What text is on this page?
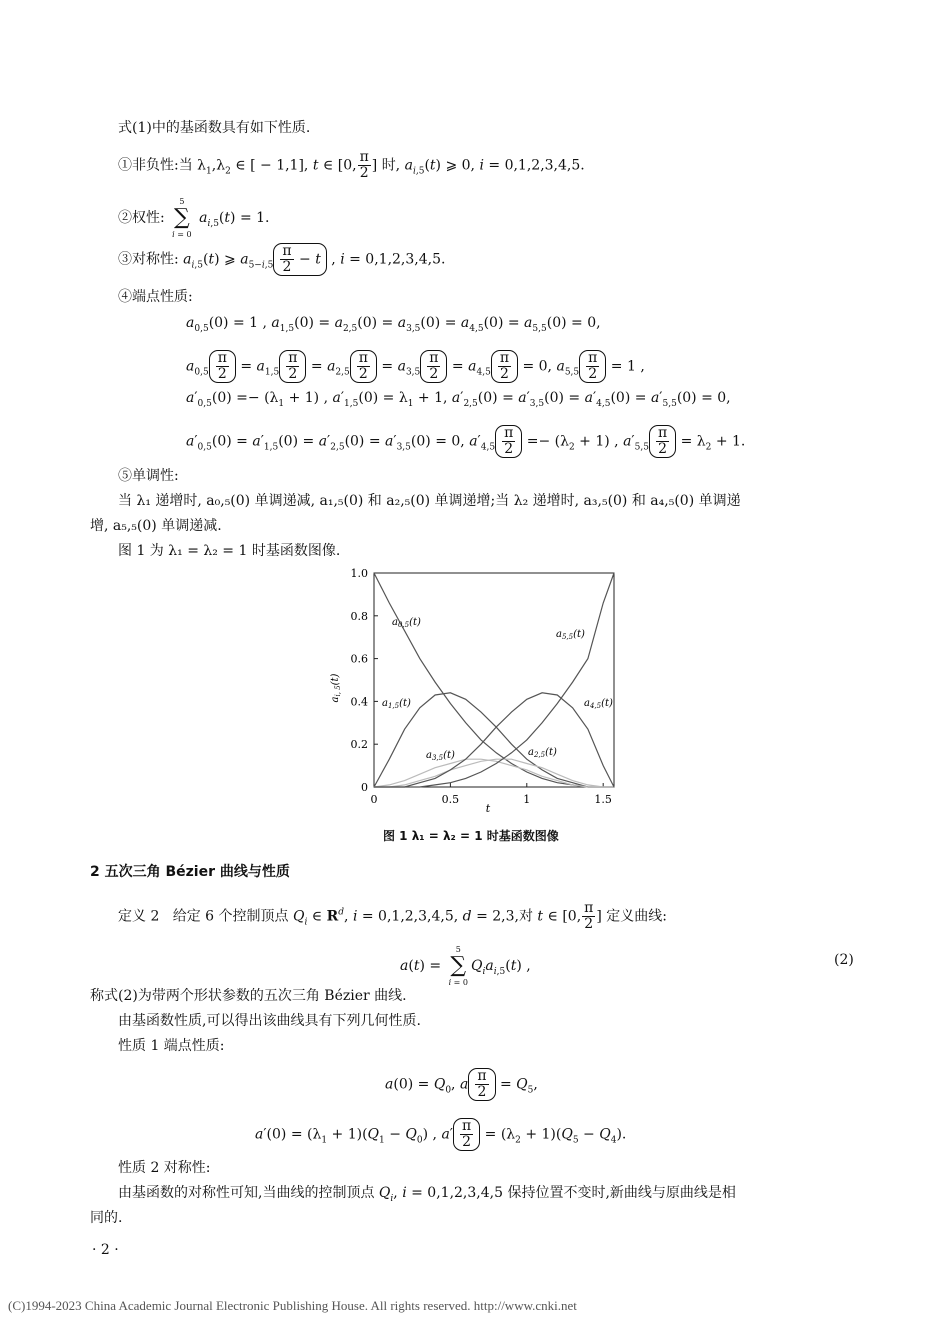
式(1)中的基函数具有如下性质.
①非负性:当 $\lambda_1,\lambda_2$ ∈ [ − 1,1], t ∈ [0, $\frac{\pi}{2}$ ] 时, $a_{i,5}(t)$ ⩾ 0, i = 0,1,2,3,4,5.
②权性:
5
∑
i = 0
$a_{i,5}(t) = 1$.
③对称性: $a_{i,5}(t)$ ⩾ $a_{5-i,5} \frac{\pi}{2} - t$ , i = 0,1,2,3,4,5.
④端点性质:
$a_{0,5}(0) = 1$ , $a_{1,5}(0) = a_{2,5}(0) = a_{3,5}(0) = a_{4,5}(0) = a_{5,5}(0) = 0$,
$a_{0,5} \frac{\pi}{2} = a_{1,5} \frac{\pi}{2} = a_{2,5} \frac{\pi}{2} = a_{3,5} \frac{\pi}{2} = a_{4,5} \frac{\pi}{2} = 0$, $a_{5,5} \frac{\pi}{2} = 1$ ,
$a'_{0,5}(0) =- (\lambda_1 + 1)$ , $a'_{1,5}(0) = \lambda_1 + 1$, $a'_{2,5}(0) = a'_{3,5}(0) = a'_{4,5}(0) = a'_{5,5}(0) = 0$,
$a'_{0,5}(0) = a'_{1,5}(0) = a'_{2,5}(0) = a'_{3,5}(0) = 0$, $a'_{4,5} \frac{\pi}{2} =- (\lambda_2 + 1)$ , $a'_{5,5} \frac{\pi}{2} = \lambda_2 + 1$.
⑤单调性:
当 λ₁ 递增时, a₀,₅(0) 单调递减, a₁,₅(0) 和 a₂,₅(0) 单调递增;当 λ₂ 递增时, a₃,₅(0) 和 a₄,₅(0) 单调递
增, a₅,₅(0) 单调递减.
图 1 为 λ₁ = λ₂ = 1 时基函数图像.
0
0.2
0.4
0.6
0.8
1.0
0	0.5	1	1.5
$a_{i, 5}(t)$
t
$a_{0,5}(t)$
$a_{1,5}(t)$
$a_{3,5}(t)$	$a_{2,5}(t)$
$a_{4,5}(t)$
$a_{5,5}(t)$
图 1 λ₁ = λ₂ = 1 时基函数图像
2 五次三角 Bézier 曲线与性质
定义 2 给定 6 个控制顶点 $Q_i$ ∈ $R^d$, i = 0,1,2,3,4,5, d = 2,3,对 t ∈ [0, $\frac{\pi}{2}$ ] 定义曲线:
a(t) =
5
∑
i = 0
$Q_ia_{i,5}(t)$ ,	(2)
称式(2)为带两个形状参数的五次三角 Bézier 曲线.
由基函数性质,可以得出该曲线具有下列几何性质.
性质 1 端点性质:
$a(0) = Q_0$, a $\frac{\pi}{2} = Q_5$,
$a'(0) = (\lambda_1 + 1)(Q_1 - Q_0)$ , $a' \frac{\pi}{2} = (\lambda_2 + 1)(Q_5 - Q_4)$.
性质 2 对称性:
由基函数的对称性可知,当曲线的控制顶点 $Q_i$, i = 0,1,2,3,4,5 保持位置不变时,新曲线与原曲线是相
同的.
· 2 ·
(C)1994-2023 China Academic Journal Electronic Publishing House. All rights reserved. http://www.cnki.net
